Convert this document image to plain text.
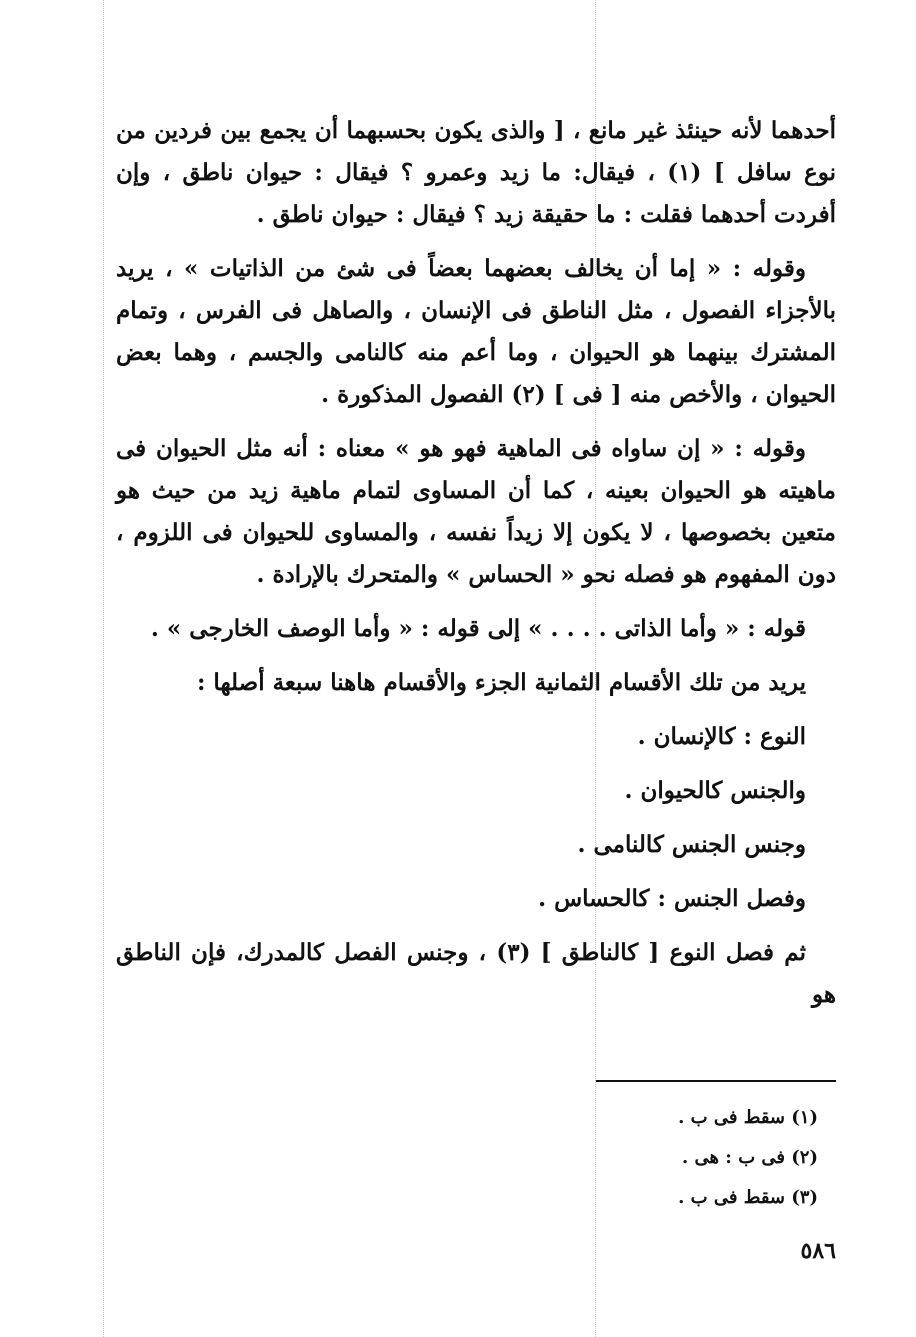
أحدهما لأنه حينئذ غير مانع ، [ والذى يكون بحسبهما أن يجمع بين فردين من نوع سافل ] (١) ، فيقال: ما زيد وعمرو ؟ فيقال : حيوان ناطق ، وإن أفردت أحدهما فقلت : ما حقيقة زيد ؟ فيقال : حيوان ناطق .

وقوله : « إما أن يخالف بعضهما بعضاً فى شئ من الذاتيات » ، يريد بالأجزاء الفصول ، مثل الناطق فى الإنسان ، والصاهل فى الفرس ، وتمام المشترك بينهما هو الحيوان ، وما أعم منه كالنامى والجسم ، وهما بعض الحيوان ، والأخص منه [ فى ] (٢) الفصول المذكورة .

وقوله : « إن ساواه فى الماهية فهو هو » معناه : أنه مثل الحيوان فى ماهيته هو الحيوان بعينه ، كما أن المساوى لتمام ماهية زيد من حيث هو متعين بخصوصها ، لا يكون إلا زيداً نفسه ، والمساوى للحيوان فى اللزوم ، دون المفهوم هو فصله نحو « الحساس » والمتحرك بالإرادة .

قوله : « وأما الذاتى . . . . » إلى قوله : « وأما الوصف الخارجى » .

يريد من تلك الأقسام الثمانية الجزء والأقسام هاهنا سبعة أصلها :

النوع : كالإنسان .

والجنس كالحيوان .

وجنس الجنس كالنامى .

وفصل الجنس : كالحساس .

ثم فصل النوع [ كالناطق ] (٣) ، وجنس الفصل كالمدرك، فإن الناطق هو

(١) سقط فى ب .

(٢) فى ب : هى .

(٣) سقط فى ب .

٥٨٦
